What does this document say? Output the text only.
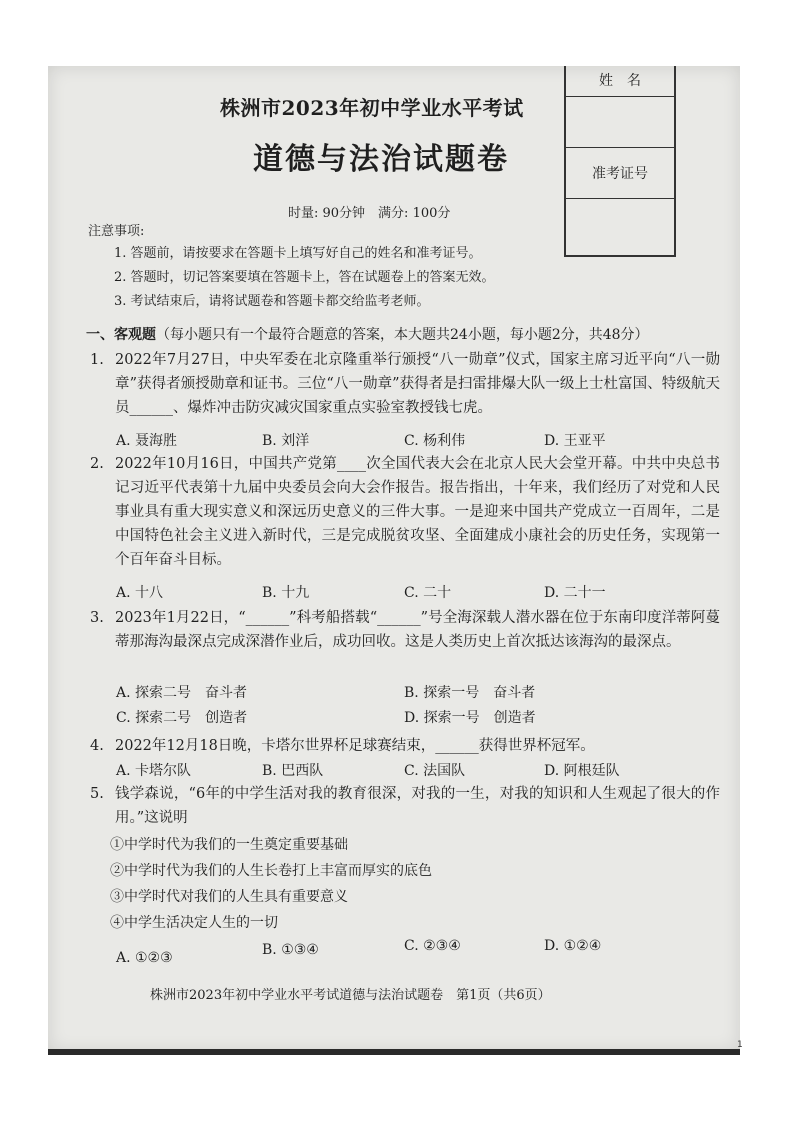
姓　名
准考证号
株洲市2023年初中学业水平考试
道德与法治试题卷
时量: 90分钟　满分: 100分
注意事项:
1. 答题前，请按要求在答题卡上填写好自己的姓名和准考证号。
2. 答题时，切记答案要填在答题卡上，答在试题卷上的答案无效。
3. 考试结束后，请将试题卷和答题卡都交给监考老师。
一、客观题（每小题只有一个最符合题意的答案，本大题共24小题，每小题2分，共48分）
1. 2022年7月27日，中央军委在北京隆重举行颁授“八一勋章”仪式，国家主席习近平向“八一勋章”获得者颁授勋章和证书。三位“八一勋章”获得者是扫雷排爆大队一级上士杜富国、特级航天员______、爆炸冲击防灾减灾国家重点实验室教授钱七虎。
A. 聂海胜	B. 刘洋	C. 杨利伟	D. 王亚平
2. 2022年10月16日，中国共产党第____次全国代表大会在北京人民大会堂开幕。中共中央总书记习近平代表第十九届中央委员会向大会作报告。报告指出，十年来，我们经历了对党和人民事业具有重大现实意义和深远历史意义的三件大事。一是迎来中国共产党成立一百周年，二是中国特色社会主义进入新时代，三是完成脱贫攻坚、全面建成小康社会的历史任务，实现第一个百年奋斗目标。
A. 十八	B. 十九	C. 二十	D. 二十一
3. 2023年1月22日，“______”科考船搭载“______”号全海深载人潜水器在位于东南印度洋蒂阿蔓蒂那海沟最深点完成深潜作业后，成功回收。这是人类历史上首次抵达该海沟的最深点。
A. 探索二号　奋斗者	B. 探索一号　奋斗者
C. 探索二号　创造者	D. 探索一号　创造者
4. 2022年12月18日晚，卡塔尔世界杯足球赛结束，______获得世界杯冠军。
A. 卡塔尔队	B. 巴西队	C. 法国队	D. 阿根廷队
5. 钱学森说，“6年的中学生活对我的教育很深，对我的一生，对我的知识和人生观起了很大的作用。”这说明
①中学时代为我们的一生奠定重要基础
②中学时代为我们的人生长卷打上丰富而厚实的底色
③中学时代对我们的人生具有重要意义
④中学生活决定人生的一切
A. ①②③	B. ①③④	C. ②③④	D. ①②④
株洲市2023年初中学业水平考试道德与法治试题卷　第1页（共6页）
1
